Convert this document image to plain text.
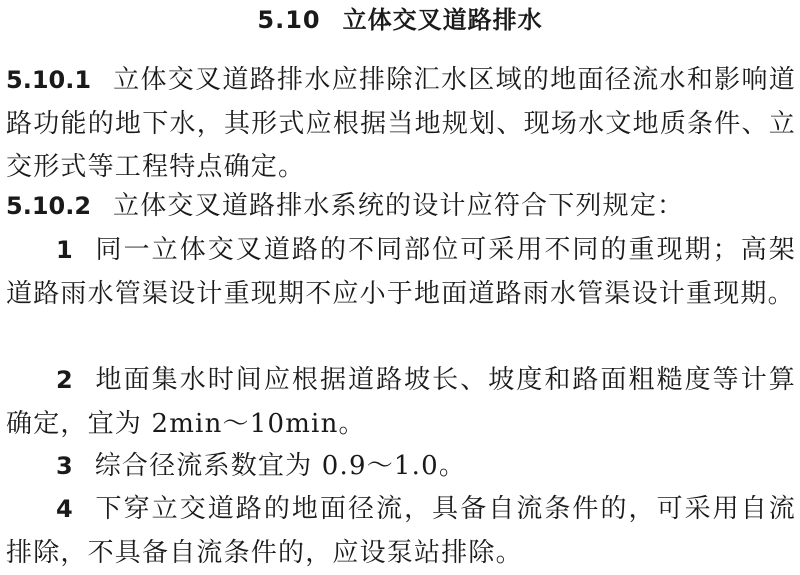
5.10 立体交叉道路排水
5.10.1 立体交叉道路排水应排除汇水区域的地面径流水和影响道路功能的地下水，其形式应根据当地规划、现场水文地质条件、立交形式等工程特点确定。
5.10.2 立体交叉道路排水系统的设计应符合下列规定：
1 同一立体交叉道路的不同部位可采用不同的重现期；高架道路雨水管渠设计重现期不应小于地面道路雨水管渠设计重现期。
2 地面集水时间应根据道路坡长、坡度和路面粗糙度等计算确定，宜为 2min～10min。
3 综合径流系数宜为 0.9～1.0。
4 下穿立交道路的地面径流，具备自流条件的，可采用自流排除，不具备自流条件的，应设泵站排除。
